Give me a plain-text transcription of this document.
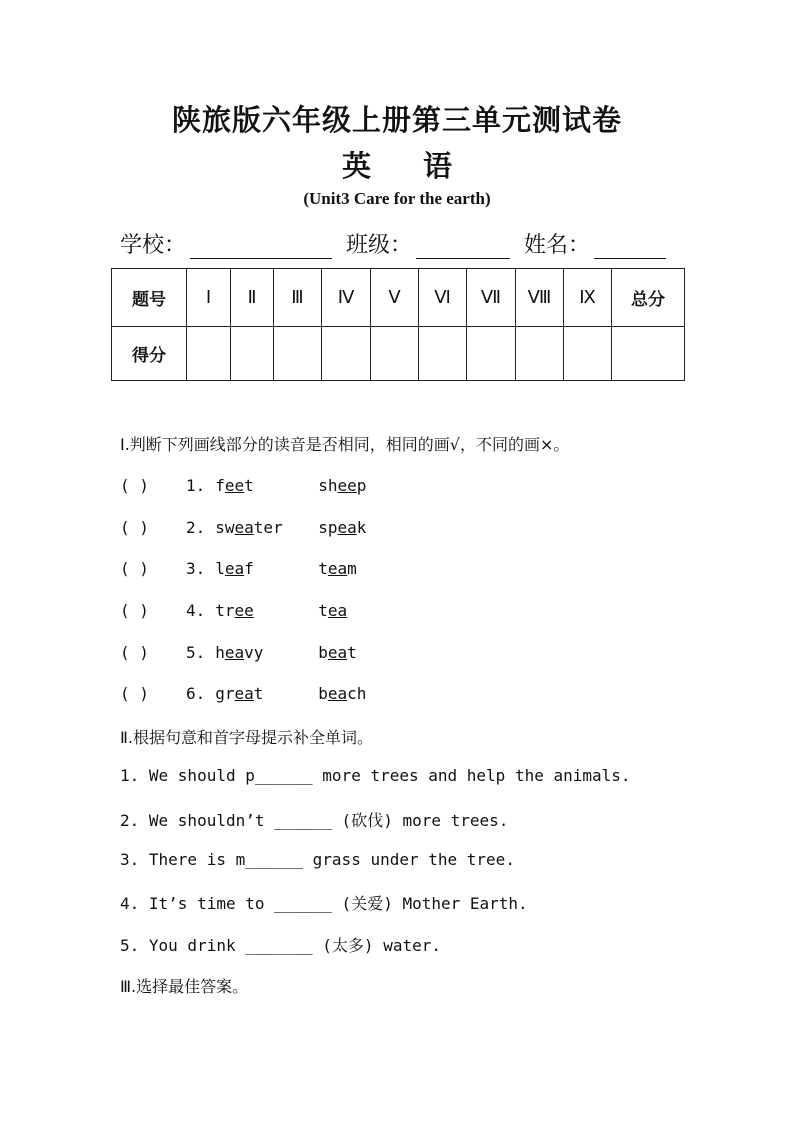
陕旅版六年级上册第三单元测试卷
英 语
(Unit3 Care for the earth)
学校：	班级：	姓名：
题号	Ⅰ	Ⅱ	Ⅲ	Ⅳ	Ⅴ	Ⅵ	Ⅶ	Ⅷ	Ⅸ	总分
得分										
I.判断下列画线部分的读音是否相同，相同的画√，不同的画×。
( ) 1. feet	sheep
( ) 2. sweater speak
( ) 3. leaf	team
( ) 4. tree	tea
( ) 5. heavy	beat
( ) 6. great	beach
Ⅱ.根据句意和首字母提示补全单词。
1. We should p______ more trees and help the animals.
2. We shouldn’t ______ (砍伐) more trees.
3. There is m______ grass under the tree.
4. It’s time to ______ (关爱) Mother Earth.
5. You drink _______ (太多) water.
Ⅲ.选择最佳答案。
